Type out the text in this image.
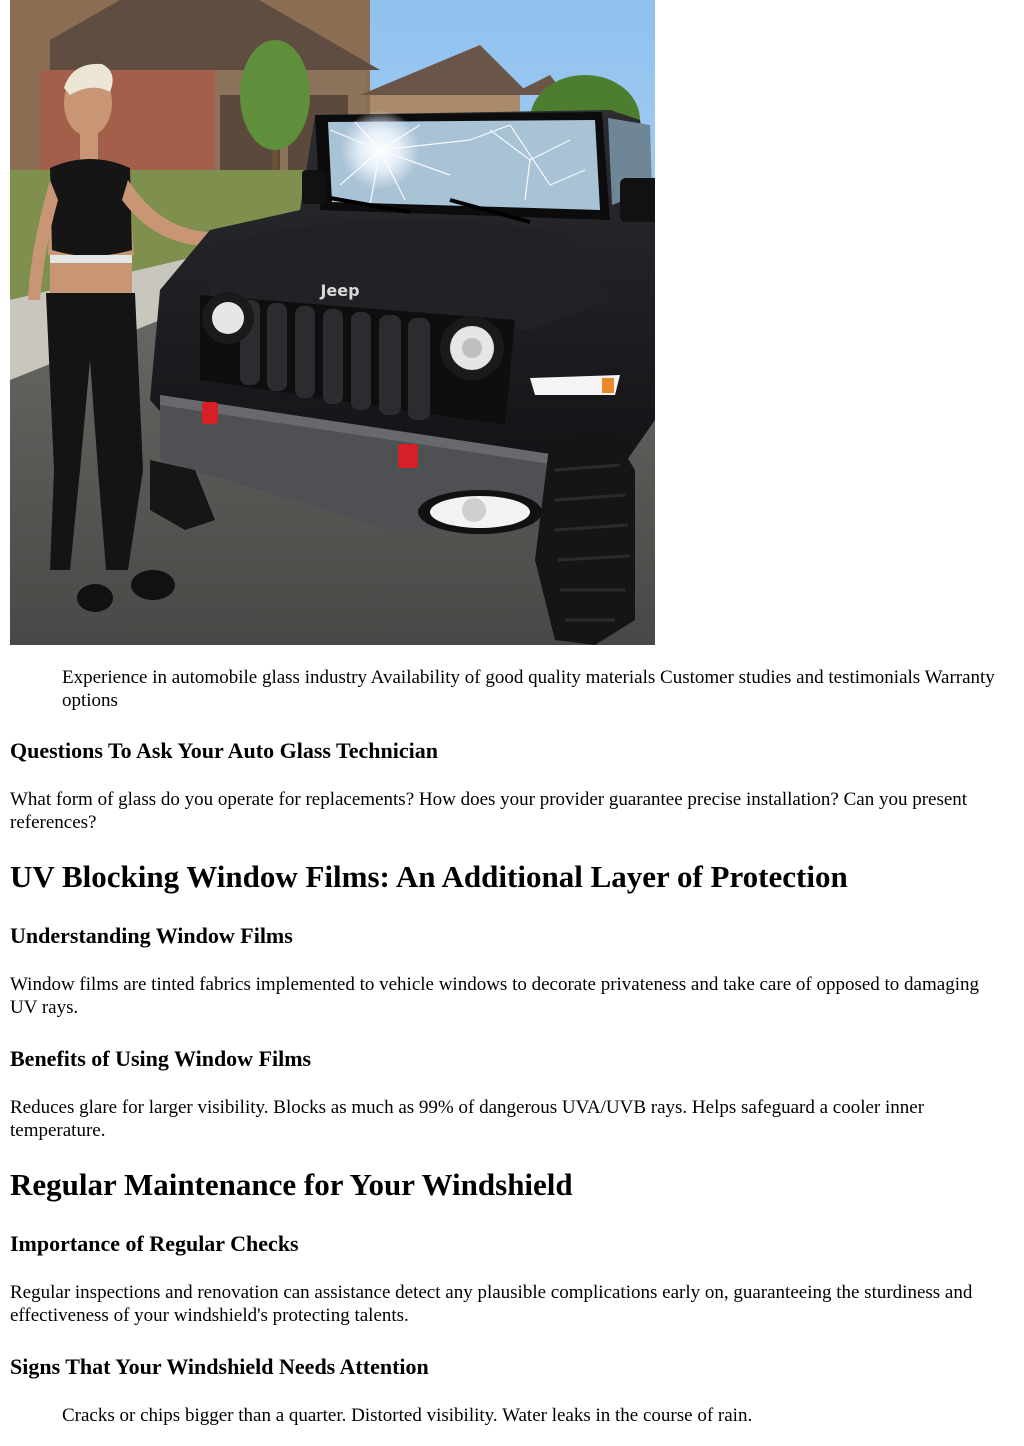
Jeep
Experience in automobile glass industry Availability of good quality materials Customer studies and testimonials Warranty options
Questions To Ask Your Auto Glass Technician

What form of glass do you operate for replacements? How does your provider guarantee precise installation? Can you present references?

UV Blocking Window Films: An Additional Layer of Protection
Understanding Window Films

Window films are tinted fabrics implemented to vehicle windows to decorate privateness and take care of opposed to damaging UV rays.

Benefits of Using Window Films

Reduces glare for larger visibility. Blocks as much as 99% of dangerous UVA/UVB rays. Helps safeguard a cooler inner temperature.

Regular Maintenance for Your Windshield
Importance of Regular Checks

Regular inspections and renovation can assistance detect any plausible complications early on, guaranteeing the sturdiness and effectiveness of your windshield's protecting talents.

Signs That Your Windshield Needs Attention
Cracks or chips bigger than a quarter. Distorted visibility. Water leaks in the course of rain.
